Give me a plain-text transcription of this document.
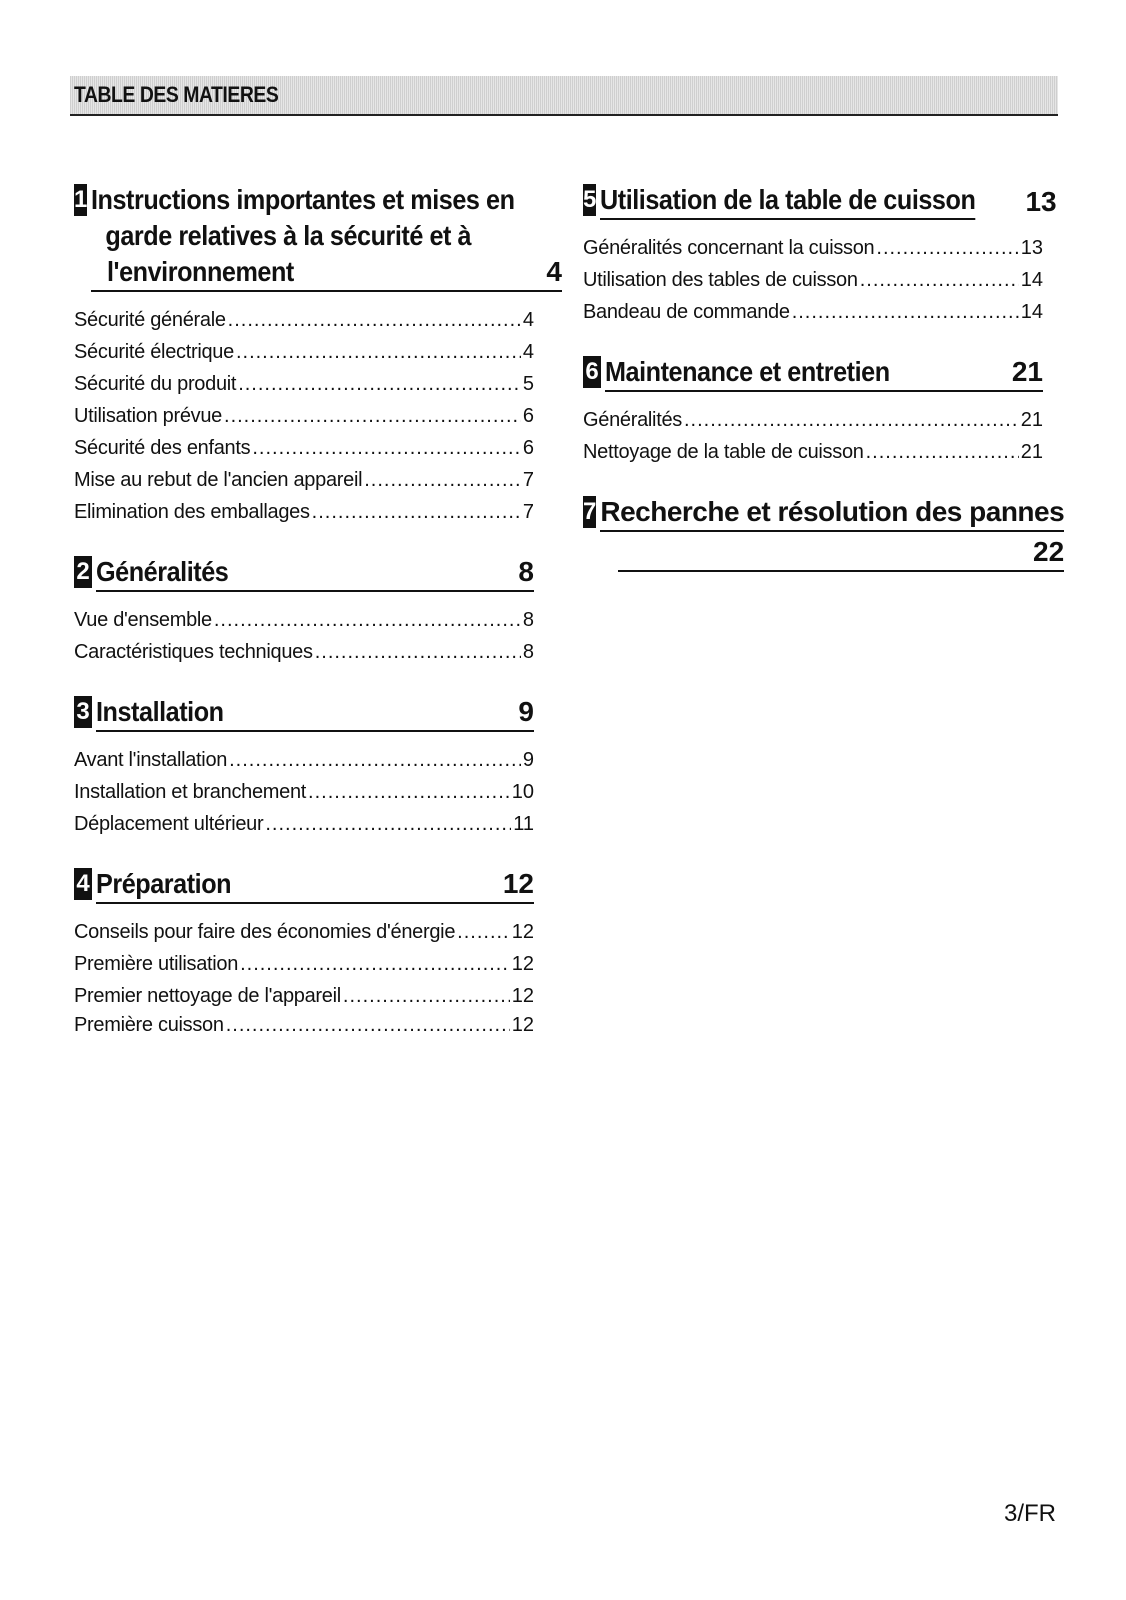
TABLE DES MATIERES
1 Instructions importantes et mises en
garde relatives à la sécurité et à
l'environnement	4
Sécurité générale .....	4
Sécurité électrique .....	4
Sécurité du produit .....	5
Utilisation prévue .....	6
Sécurité des enfants .....	6
Mise au rebut de l'ancien appareil .....	7
Elimination des emballages .....	7
2 Généralités	8
Vue d'ensemble .....	8
Caractéristiques techniques .....	8
3 Installation	9
Avant l'installation .....	9
Installation et branchement .....	10
Déplacement ultérieur .....	11
4 Préparation	12
Conseils pour faire des économies d'énergie .....	12
Première utilisation .....	12
Premier nettoyage de l'appareil .....	12
Première cuisson .....	12
5 Utilisation de la table de cuisson 13
Généralités concernant la cuisson .....	13
Utilisation des tables de cuisson .....	14
Bandeau de commande .....	14
6 Maintenance et entretien	21
Généralités .....	21
Nettoyage de la table de cuisson .....	21
7 Recherche et résolution des pannes
22
3/FR
